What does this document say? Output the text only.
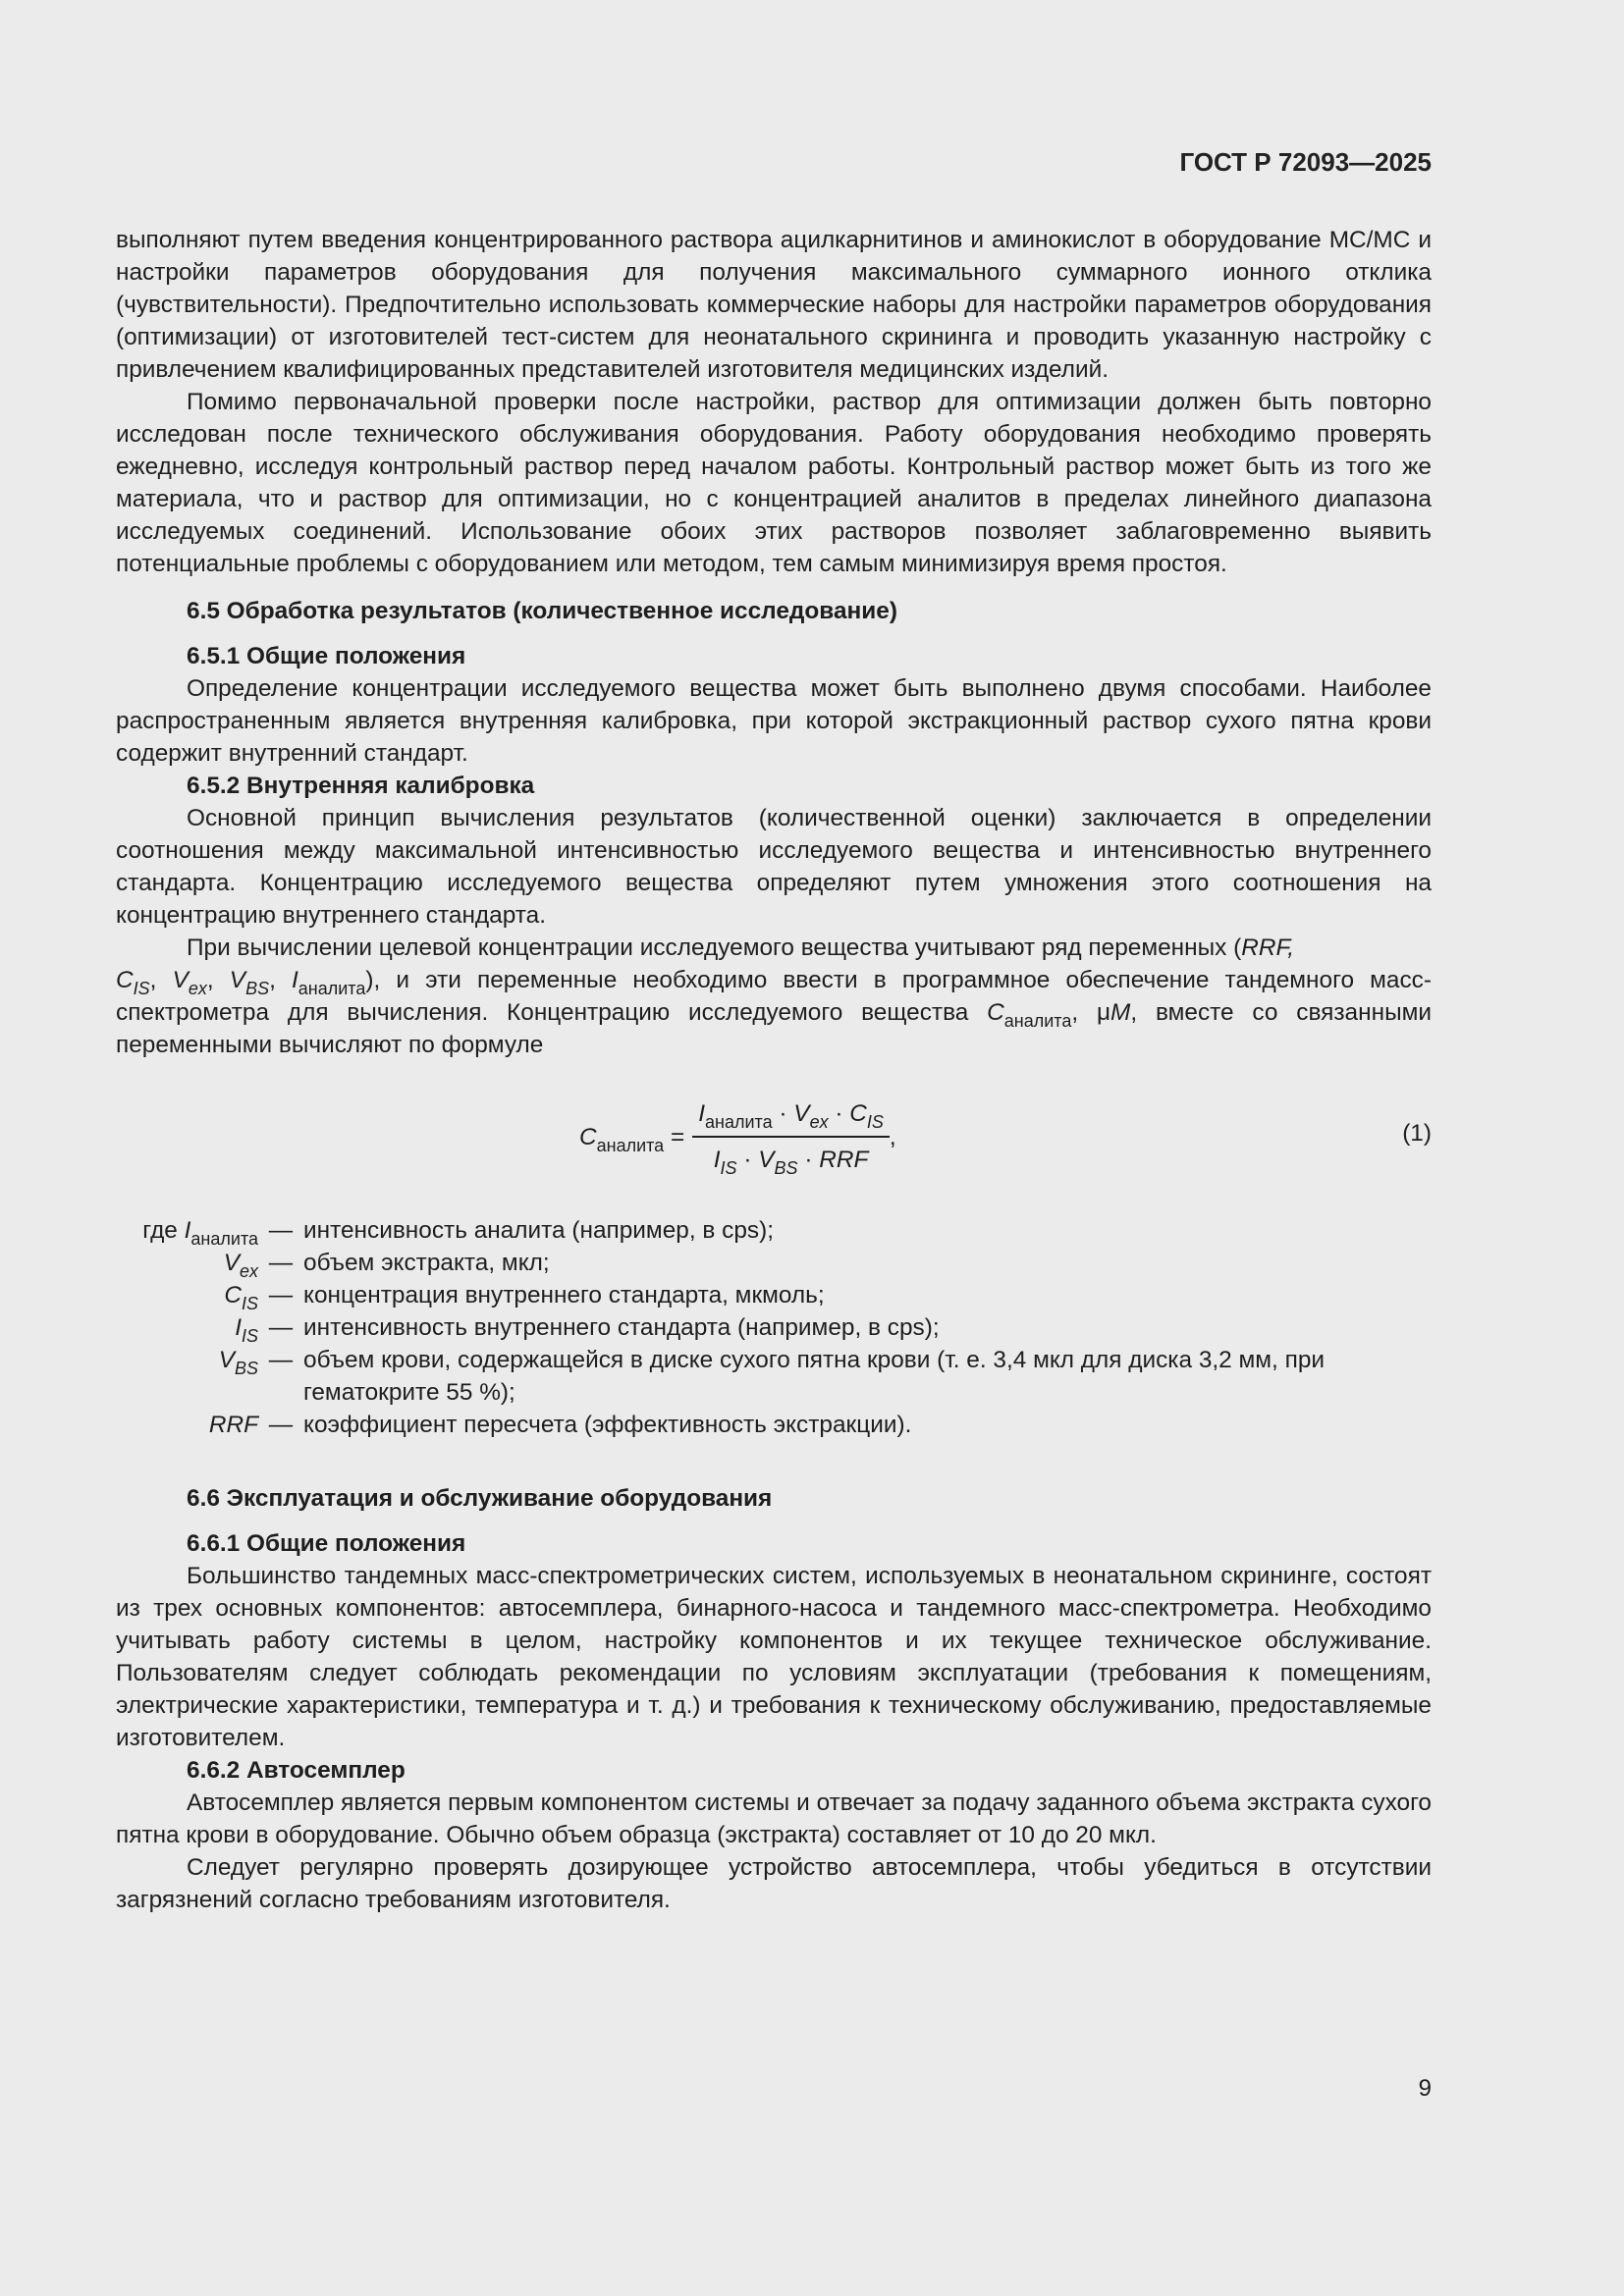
ГОСТ Р 72093—2025

выполняют путем введения концентрированного раствора ацилкарнитинов и аминокислот в оборудование МС/МС и настройки параметров оборудования для получения максимального суммарного ионного отклика (чувствительности). Предпочтительно использовать коммерческие наборы для настройки параметров оборудования (оптимизации) от изготовителей тест-систем для неонатального скрининга и проводить указанную настройку с привлечением квалифицированных представителей изготовителя медицинских изделий.

Помимо первоначальной проверки после настройки, раствор для оптимизации должен быть повторно исследован после технического обслуживания оборудования. Работу оборудования необходимо проверять ежедневно, исследуя контрольный раствор перед началом работы. Контрольный раствор может быть из того же материала, что и раствор для оптимизации, но с концентрацией аналитов в пределах линейного диапазона исследуемых соединений. Использование обоих этих растворов позволяет заблаговременно выявить потенциальные проблемы с оборудованием или методом, тем самым минимизируя время простоя.

6.5 Обработка результатов (количественное исследование)

6.5.1 Общие положения

Определение концентрации исследуемого вещества может быть выполнено двумя способами. Наиболее распространенным является внутренняя калибровка, при которой экстракционный раствор сухого пятна крови содержит внутренний стандарт.

6.5.2 Внутренняя калибровка

Основной принцип вычисления результатов (количественной оценки) заключается в определении соотношения между максимальной интенсивностью исследуемого вещества и интенсивностью внутреннего стандарта. Концентрацию исследуемого вещества определяют путем умножения этого соотношения на концентрацию внутреннего стандарта.

При вычислении целевой концентрации исследуемого вещества учитывают ряд переменных (RRF,
$C_{IS}$, $V_{ex}$, $V_{BS}$, $I_{аналита}$), и эти переменные необходимо ввести в программное обеспечение тандемного масс-спектрометра для вычисления. Концентрацию исследуемого вещества $C_{аналита}$, μM, вместе со связанными переменными вычисляют по формуле

$C_{аналита} = \frac{I_{аналита} \cdot V_{ex} \cdot C_{IS}}{I_{IS} \cdot V_{BS} \cdot RRF}$ ,	(1)
где $I_{аналита}$ — интенсивность аналита (например, в cps);
$V_{ex}$ — объем экстракта, мкл;
$C_{IS}$ — концентрация внутреннего стандарта, мкмоль;
$I_{IS}$ — интенсивность внутреннего стандарта (например, в cps);
$V_{BS}$ — объем крови, содержащейся в диске сухого пятна крови (т. е. 3,4 мкл для диска 3,2 мм, при гематокрите 55 %);
RRF — коэффициент пересчета (эффективность экстракции).

6.6 Эксплуатация и обслуживание оборудования

6.6.1 Общие положения

Большинство тандемных масс-спектрометрических систем, используемых в неонатальном скрининге, состоят из трех основных компонентов: автосемплера, бинарного-насоса и тандемного масс-спектрометра. Необходимо учитывать работу системы в целом, настройку компонентов и их текущее техническое обслуживание. Пользователям следует соблюдать рекомендации по условиям эксплуатации (требования к помещениям, электрические характеристики, температура и т. д.) и требования к техническому обслуживанию, предоставляемые изготовителем.

6.6.2 Автосемплер

Автосемплер является первым компонентом системы и отвечает за подачу заданного объема экстракта сухого пятна крови в оборудование. Обычно объем образца (экстракта) составляет от 10 до 20 мкл.

Следует регулярно проверять дозирующее устройство автосемплера, чтобы убедиться в отсутствии загрязнений согласно требованиям изготовителя.

9
